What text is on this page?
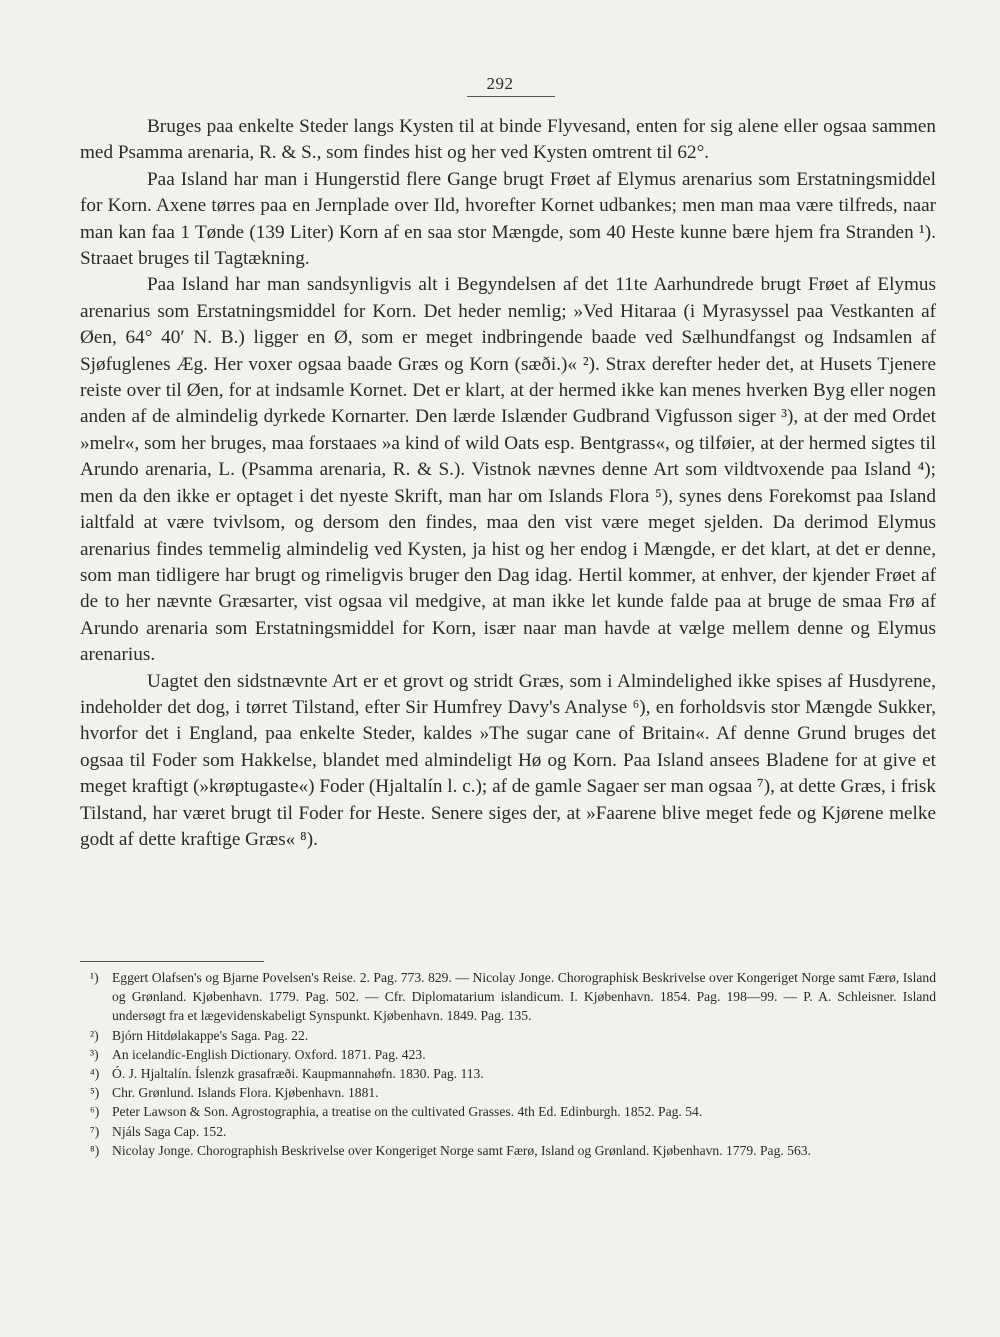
292

Bruges paa enkelte Steder langs Kysten til at binde Flyvesand, enten for sig alene eller ogsaa sammen med Psamma arenaria, R. & S., som findes hist og her ved Kysten omtrent til 62°.

Paa Island har man i Hungerstid flere Gange brugt Frøet af Elymus arenarius som Erstatningsmiddel for Korn. Axene tørres paa en Jernplade over Ild, hvorefter Kornet udbankes; men man maa være tilfreds, naar man kan faa 1 Tønde (139 Liter) Korn af en saa stor Mængde, som 40 Heste kunne bære hjem fra Stranden ¹). Straaet bruges til Tagtækning.

Paa Island har man sandsynligvis alt i Begyndelsen af det 11te Aarhundrede brugt Frøet af Elymus arenarius som Erstatningsmiddel for Korn. Det heder nemlig; »Ved Hitaraa (i Myrasyssel paa Vestkanten af Øen, 64° 40′ N. B.) ligger en Ø, som er meget indbringende baade ved Sælhundfangst og Indsamlen af Sjøfuglenes Æg. Her voxer ogsaa baade Græs og Korn (sæði.)« ²). Strax derefter heder det, at Husets Tjenere reiste over til Øen, for at indsamle Kornet. Det er klart, at der hermed ikke kan menes hverken Byg eller nogen anden af de almindelig dyrkede Kornarter. Den lærde Islænder Gudbrand Vigfusson siger ³), at der med Ordet »melr«, som her bruges, maa forstaaes »a kind of wild Oats esp. Bentgrass«, og tilføier, at der hermed sigtes til Arundo arenaria, L. (Psamma arenaria, R. & S.). Vistnok nævnes denne Art som vildtvoxende paa Island ⁴); men da den ikke er optaget i det nyeste Skrift, man har om Islands Flora ⁵), synes dens Forekomst paa Island ialtfald at være tvivlsom, og dersom den findes, maa den vist være meget sjelden. Da derimod Elymus arenarius findes temmelig almindelig ved Kysten, ja hist og her endog i Mængde, er det klart, at det er denne, som man tidligere har brugt og rimeligvis bruger den Dag idag. Hertil kommer, at enhver, der kjender Frøet af de to her nævnte Græsarter, vist ogsaa vil medgive, at man ikke let kunde falde paa at bruge de smaa Frø af Arundo arenaria som Erstatningsmiddel for Korn, især naar man havde at vælge mellem denne og Elymus arenarius.

Uagtet den sidstnævnte Art er et grovt og stridt Græs, som i Almindelighed ikke spises af Husdyrene, indeholder det dog, i tørret Tilstand, efter Sir Humfrey Davy's Analyse ⁶), en forholdsvis stor Mængde Sukker, hvorfor det i England, paa enkelte Steder, kaldes »The sugar cane of Britain«. Af denne Grund bruges det ogsaa til Foder som Hakkelse, blandet med almindeligt Hø og Korn. Paa Island ansees Bladene for at give et meget kraftigt (»krøptugaste«) Foder (Hjaltalín l. c.); af de gamle Sagaer ser man ogsaa ⁷), at dette Græs, i frisk Tilstand, har været brugt til Foder for Heste. Senere siges der, at »Faarene blive meget fede og Kjørene melke godt af dette kraftige Græs« ⁸).

¹) Eggert Olafsen's og Bjarne Povelsen's Reise. 2. Pag. 773. 829. — Nicolay Jonge. Chorographisk Beskrivelse over Kongeriget Norge samt Færø, Island og Grønland. Kjøbenhavn. 1779. Pag. 502. — Cfr. Diplomatarium islandicum. I. Kjøbenhavn. 1854. Pag. 198—99. — P. A. Schleisner. Island undersøgt fra et lægevidenskabeligt Synspunkt. Kjøbenhavn. 1849. Pag. 135.
²) Bjórn Hitdølakappe's Saga. Pag. 22.
³) An icelandic-English Dictionary. Oxford. 1871. Pag. 423.
⁴) Ó. J. Hjaltalín. Íslenzk grasafræði. Kaupmannahøfn. 1830. Pag. 113.
⁵) Chr. Grønlund. Islands Flora. Kjøbenhavn. 1881.
⁶) Peter Lawson & Son. Agrostographia, a treatise on the cultivated Grasses. 4th Ed. Edinburgh. 1852. Pag. 54.
⁷) Njáls Saga Cap. 152.
⁸) Nicolay Jonge. Chorographish Beskrivelse over Kongeriget Norge samt Færø, Island og Grønland. Kjøbenhavn. 1779. Pag. 563.
